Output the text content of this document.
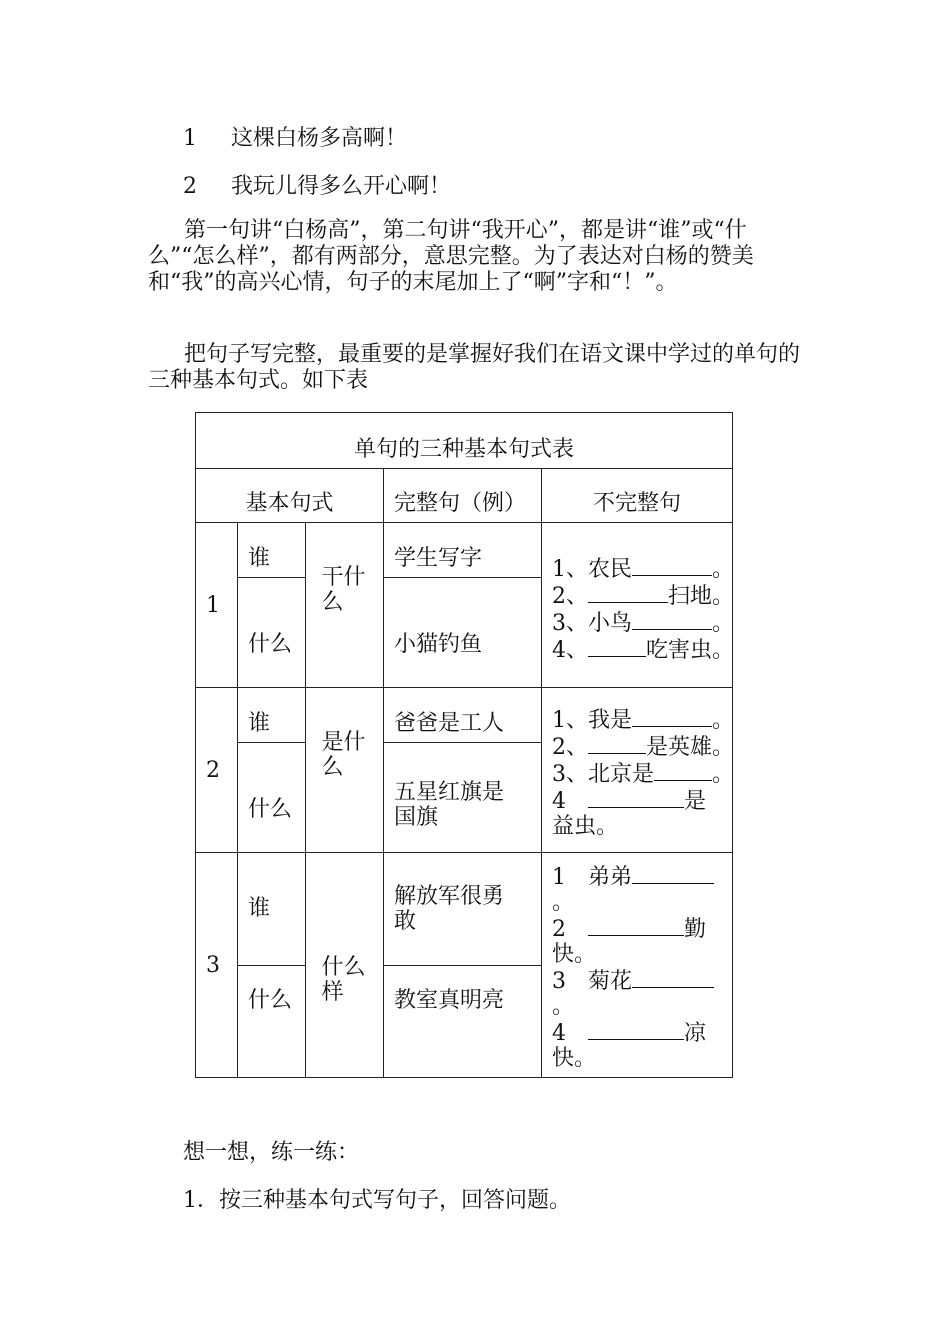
1 这棵白杨多高啊！
2 我玩儿得多么开心啊！
第一句讲“白杨高”，第二句讲“我开心”，都是讲“谁”或“什么”“怎么样”，都有两部分，意思完整。为了表达对白杨的赞美和“我”的高兴心情，句子的末尾加上了“啊”字和“！”。
把句子写完整，最重要的是掌握好我们在语文课中学过的单句的三种基本句式。如下表
单句的三种基本句式表				
基本句式			完整句（例）	不完整句
1	谁	干什么	学生写字	1、农民 。
2、 扫地。
3、小鸟 。
4、 吃害虫。

	什么		小猫钓鱼	
2	谁	是什么	爸爸是工人	1、我是 。
2、 是英雄。
3、北京是 。
4　 是益虫。

	什么		五星红旗是国旗	
3	谁	什么样	解放军很勇敢	1　弟弟。
2　 勤快。
3　菊花。
4　 凉快。

	什么		教室真明亮	
想一想，练一练：
1．按三种基本句式写句子，回答问题。
